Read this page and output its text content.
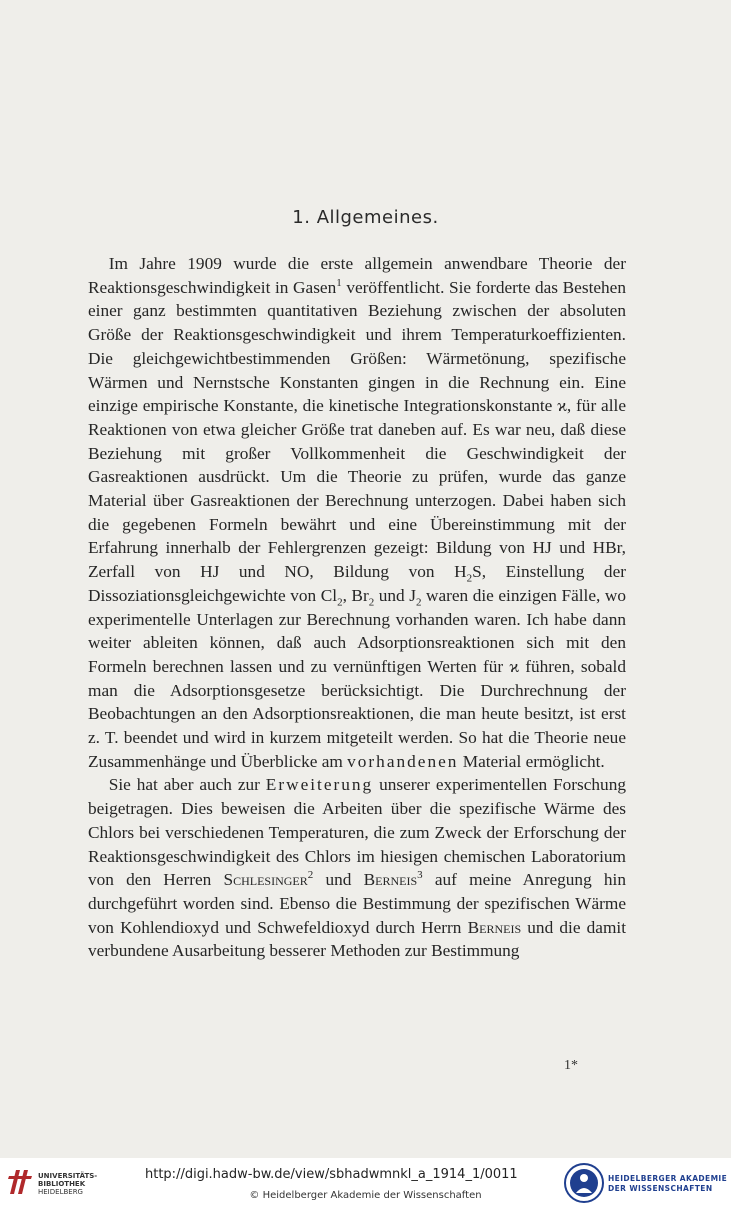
1. Allgemeines.

Im Jahre 1909 wurde die erste allgemein anwendbare Theorie der Reaktionsgeschwindigkeit in Gasen$^1$ veröffentlicht. Sie forderte das Bestehen einer ganz bestimmten quantitativen Beziehung zwischen der absoluten Größe der Reaktionsgeschwindigkeit und ihrem Temperaturkoeffizienten. Die gleichgewichtbestimmenden Größen: Wärmetönung, spezifische Wärmen und Nernstsche Konstanten gingen in die Rechnung ein. Eine einzige empirische Konstante, die kinetische Integrationskonstante ϰ, für alle Reaktionen von etwa gleicher Größe trat daneben auf. Es war neu, daß diese Beziehung mit großer Vollkommenheit die Geschwindigkeit der Gasreaktionen ausdrückt. Um die Theorie zu prüfen, wurde das ganze Material über Gasreaktionen der Berechnung unterzogen. Dabei haben sich die gegebenen Formeln bewährt und eine Übereinstimmung mit der Erfahrung innerhalb der Fehlergrenzen gezeigt: Bildung von HJ und HBr, Zerfall von HJ und NO, Bildung von $H_2S$, Einstellung der Dissoziationsgleichgewichte von $Cl_2$, $Br_2$ und $J_2$ waren die einzigen Fälle, wo experimentelle Unterlagen zur Berechnung vorhanden waren. Ich habe dann weiter ableiten können, daß auch Adsorptionsreaktionen sich mit den Formeln berechnen lassen und zu vernünftigen Werten für ϰ führen, sobald man die Adsorptionsgesetze berücksichtigt. Die Durchrechnung der Beobachtungen an den Adsorptionsreaktionen, die man heute besitzt, ist erst z. T. beendet und wird in kurzem mitgeteilt werden. So hat die Theorie neue Zusammenhänge und Überblicke am vorhandenen Material ermöglicht.

Sie hat aber auch zur Erweiterung unserer experimentellen Forschung beigetragen. Dies beweisen die Arbeiten über die spezifische Wärme des Chlors bei verschiedenen Temperaturen, die zum Zweck der Erforschung der Reaktionsgeschwindigkeit des Chlors im hiesigen chemischen Laboratorium von den Herren Schlesinger$^2$ und Berneis$^3$ auf meine Anregung hin durchgeführt worden sind. Ebenso die Bestimmung der spezifischen Wärme von Kohlendioxyd und Schwefeldioxyd durch Herrn Berneis und die damit verbundene Ausarbeitung besserer Methoden zur Bestimmung

1*
UNIVERSITÄTS-
BIBLIOTHEK
HEIDELBERG
http://digi.hadw-bw.de/view/sbhadwmnkl_a_1914_1/0011
© Heidelberger Akademie der Wissenschaften
HEIDELBERGER AKADEMIE
DER WISSENSCHAFTEN
